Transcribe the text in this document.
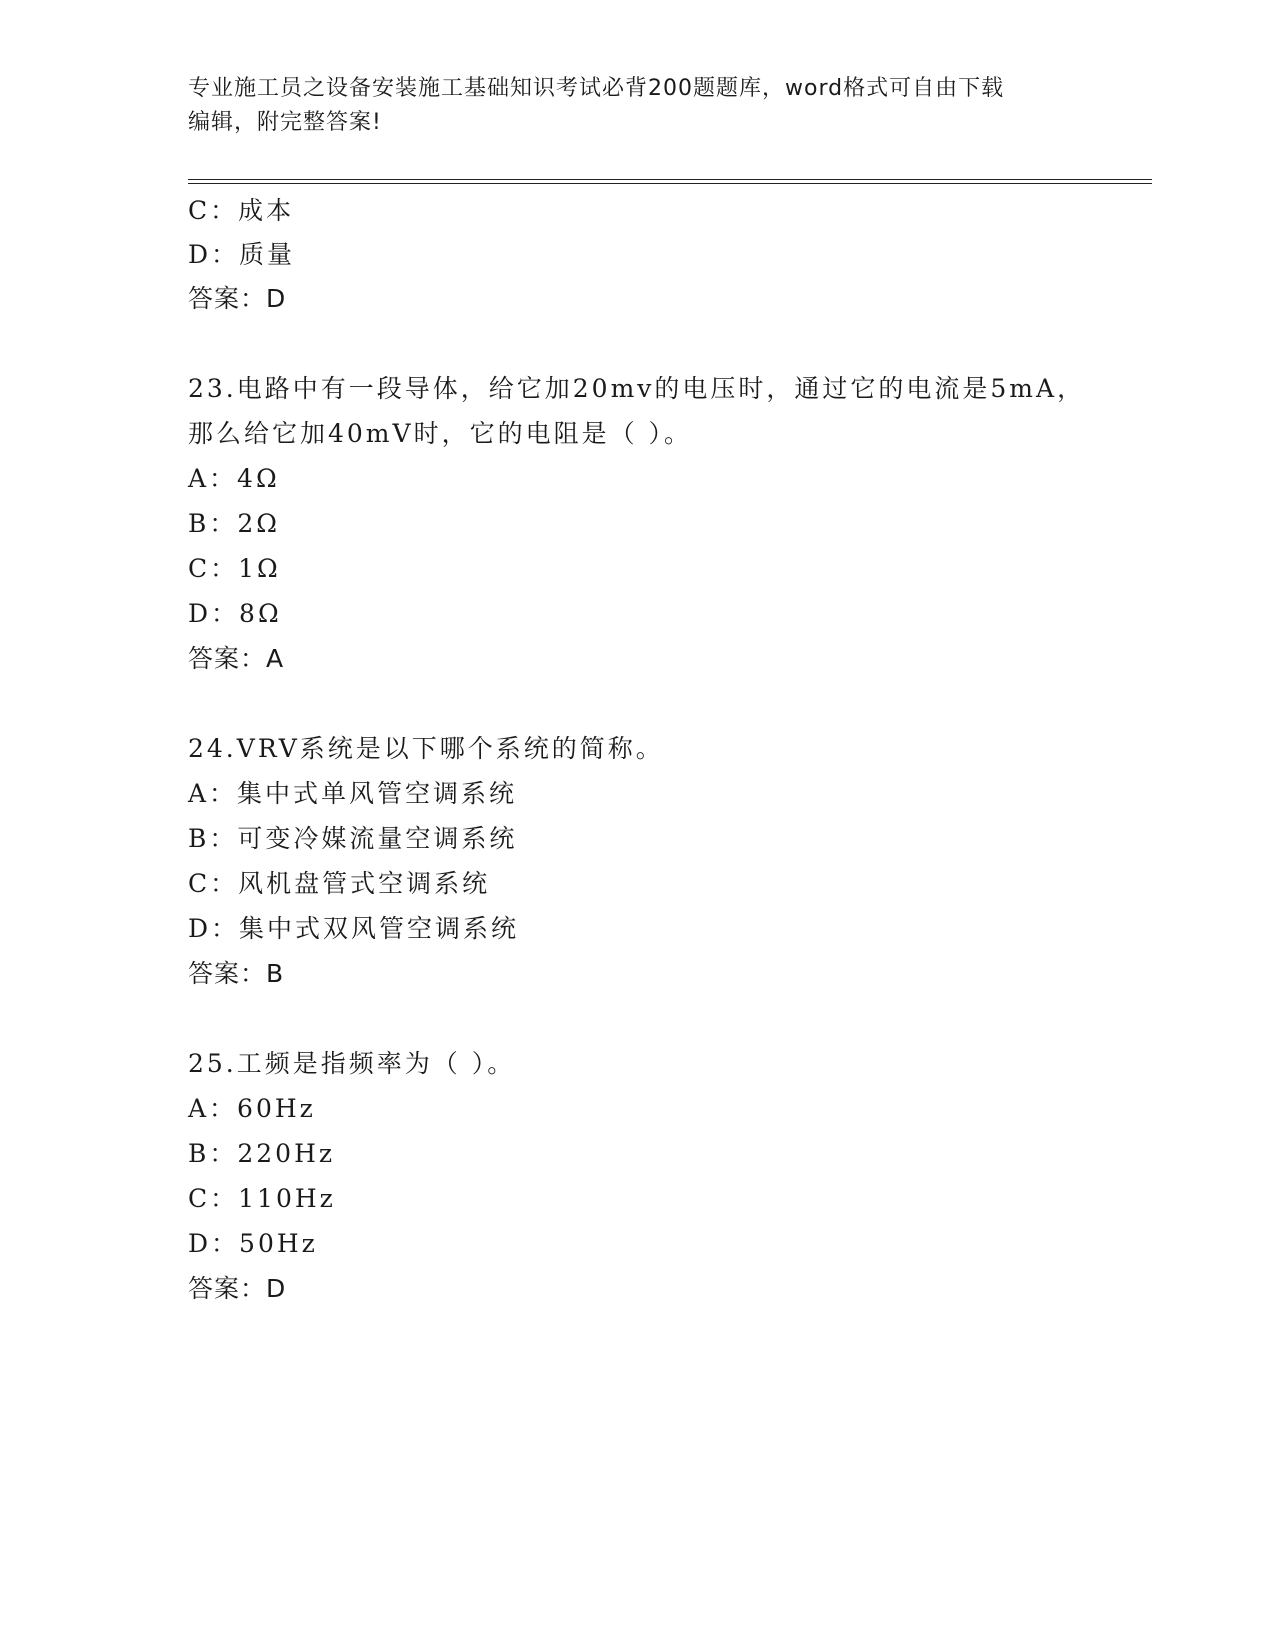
专业施工员之设备安装施工基础知识考试必背200题题库，word格式可自由下载
编辑，附完整答案!
C：成本
D：质量
答案：D
23.电路中有一段导体，给它加20mv的电压时，通过它的电流是5mA，
那么给它加40mV时，它的电阻是（ ）。
A：4Ω
B：2Ω
C：1Ω
D：8Ω
答案：A
24.VRV系统是以下哪个系统的简称。
A：集中式单风管空调系统
B：可变冷媒流量空调系统
C：风机盘管式空调系统
D：集中式双风管空调系统
答案：B
25.工频是指频率为（ ）。
A：60Hz
B：220Hz
C：110Hz
D：50Hz
答案：D
